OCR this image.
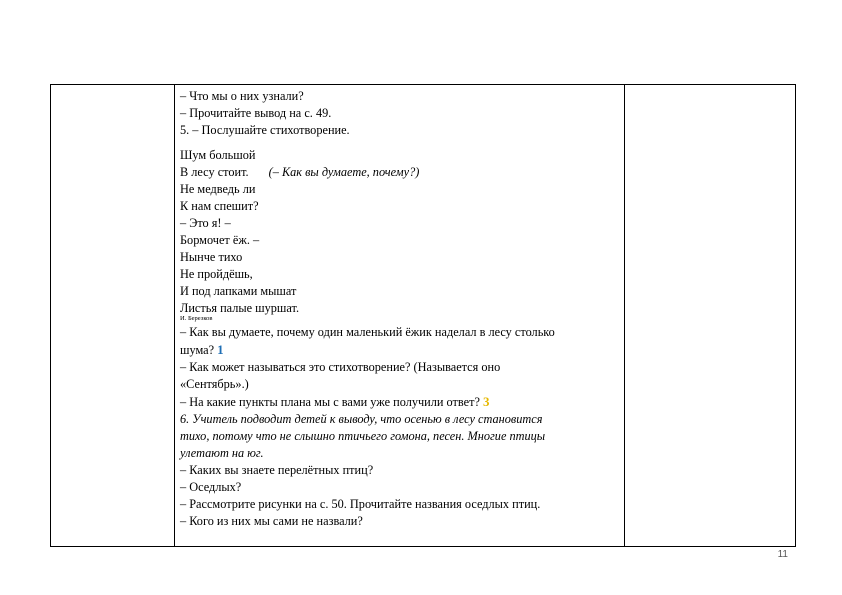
– Что мы о них узнали?
– Прочитайте вывод на с. 49.
5. – Послушайте стихотворение.
Шум большой
В лесу стоит. (– Как вы думаете, почему?)
Не медведь ли
К нам спешит?
– Это я! –
Бормочет ёж. –
Нынче тихо
Не пройдёшь,
И под лапками мышат
Листья палые шуршат.
И. Березков
– Как вы думаете, почему один маленький ёжик наделал в лесу столько
шума? 1
– Как может называться это стихотворение? (Называется оно
«Сентябрь».)
– На какие пункты плана мы с вами уже получили ответ? 3
6. Учитель подводит детей к выводу, что осенью в лесу становится
тихо, потому что не слышно птичьего гомона, песен. Многие птицы
улетают на юг.
– Каких вы знаете перелётных птиц?
– Оседлых?
– Рассмотрите рисунки на с. 50. Прочитайте названия оседлых птиц.
– Кого из них мы сами не назвали?
11
